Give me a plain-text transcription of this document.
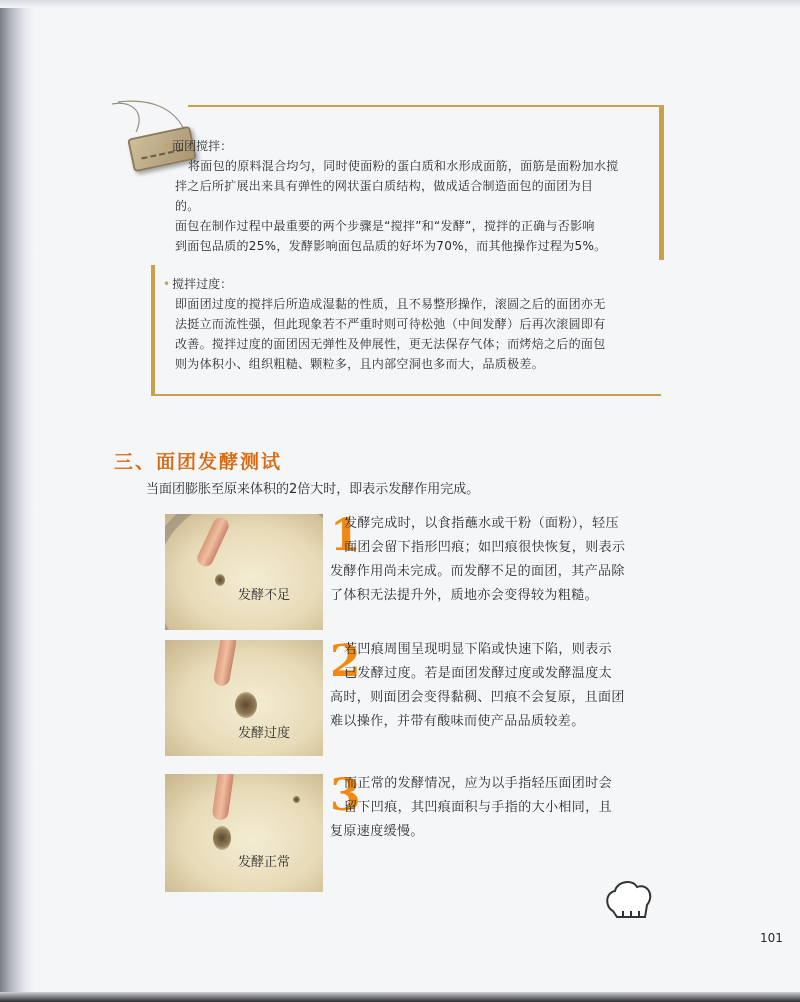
• 面团搅拌：

将面包的原料混合均匀，同时使面粉的蛋白质和水形成面筋，面筋是面粉加水搅

拌之后所扩展出来具有弹性的网状蛋白质结构，做成适合制造面包的面团为目

的。

面包在制作过程中最重要的两个步骤是“搅拌”和“发酵”，搅拌的正确与否影响

到面包品质的25%，发酵影响面包品质的好坏为70%，而其他操作过程为5%。

• 搅拌过度：

即面团过度的搅拌后所造成湿黏的性质，且不易整形操作，滚圆之后的面团亦无

法挺立而流性强，但此现象若不严重时则可待松弛（中间发酵）后再次滚圆即有

改善。搅拌过度的面团因无弹性及伸展性，更无法保存气体；而烤焙之后的面包

则为体积小、组织粗糙、颗粒多，且内部空洞也多而大，品质极差。

三、面团发酵测试
当面团膨胀至原来体积的2倍大时，即表示发酵作用完成。
发酵不足
1

发酵完成时，以食指蘸水或干粉（面粉），轻压

面团会留下指形凹痕；如凹痕很快恢复，则表示

发酵作用尚未完成。而发酵不足的面团，其产品除

了体积无法提升外，质地亦会变得较为粗糙。

发酵过度
2

若凹痕周围呈现明显下陷或快速下陷，则表示

已发酵过度。若是面团发酵过度或发酵温度太

高时，则面团会变得黏稠、凹痕不会复原，且面团

难以操作，并带有酸味而使产品品质较差。

发酵正常
3

而正常的发酵情况，应为以手指轻压面团时会

留下凹痕，其凹痕面积与手指的大小相同，且

复原速度缓慢。

101
